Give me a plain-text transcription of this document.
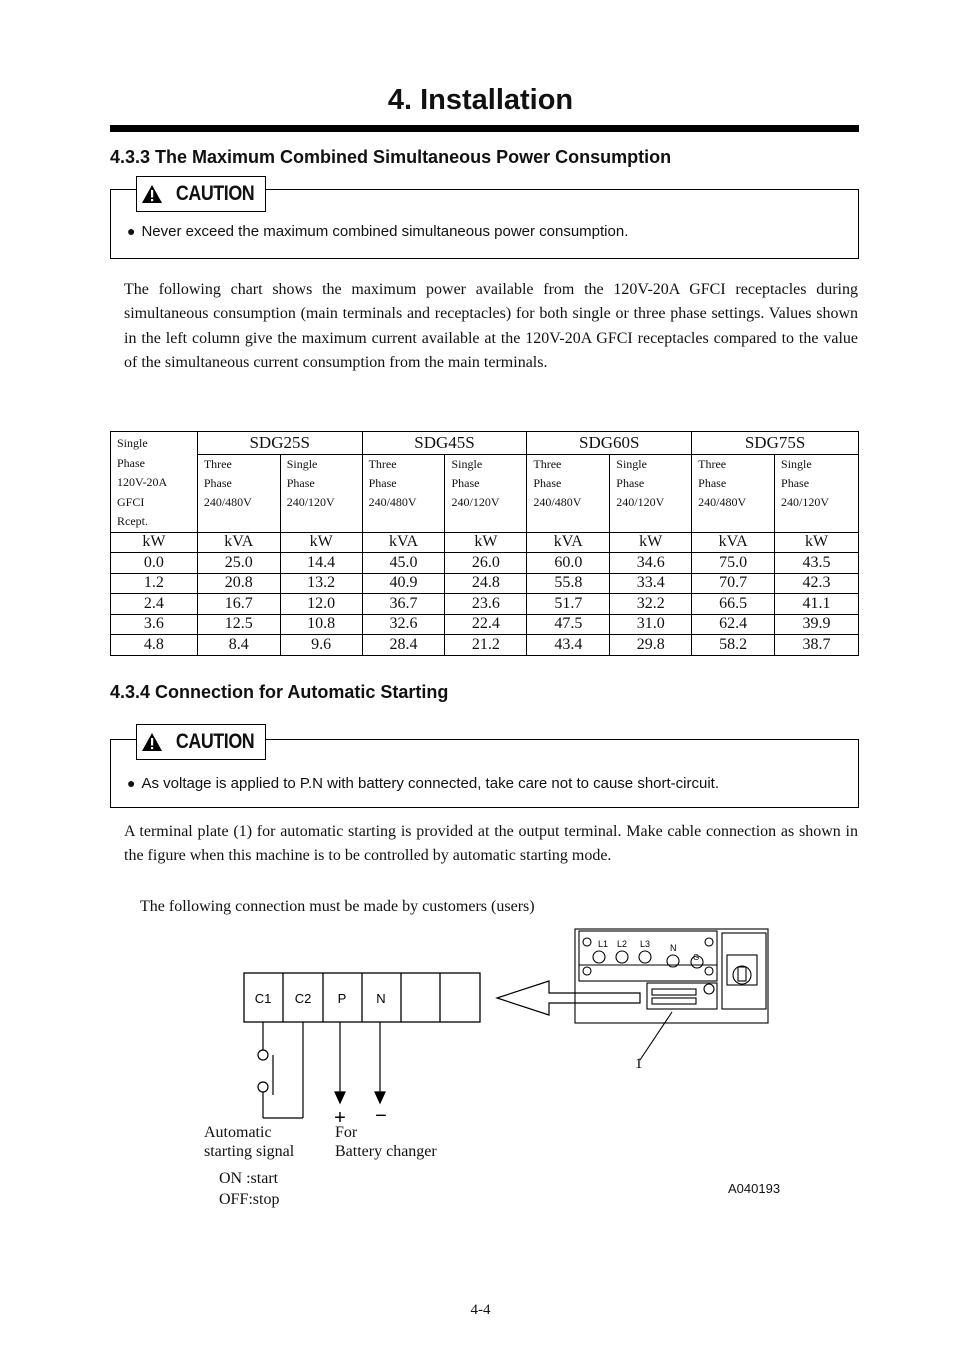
4. Installation
4.3.3 The Maximum Combined Simultaneous Power Consumption
CAUTION
● Never exceed the maximum combined simultaneous power consumption.
The following chart shows the maximum power available from the 120V-20A GFCI receptacles during simultaneous consumption (main terminals and receptacles) for both single or three phase settings. Values shown in the left column give the maximum current available at the 120V-20A GFCI receptacles compared to the value of the simultaneous current consumption from the main terminals.
Single
Phase
120V-20A
GFCI
Rcept.	SDG25S		SDG45S		SDG60S		SDG75S	
	Three
Phase
240/480V	Single
Phase
240/120V	Three
Phase
240/480V	Single
Phase
240/120V	Three
Phase
240/480V	Single
Phase
240/120V	Three
Phase
240/480V	Single
Phase
240/120V
kW	kVA	kW	kVA	kW	kVA	kW	kVA	kW
0.0	25.0	14.4	45.0	26.0	60.0	34.6	75.0	43.5
1.2	20.8	13.2	40.9	24.8	55.8	33.4	70.7	42.3
2.4	16.7	12.0	36.7	23.6	51.7	32.2	66.5	41.1
3.6	12.5	10.8	32.6	22.4	47.5	31.0	62.4	39.9
4.8	8.4	9.6	28.4	21.2	43.4	29.8	58.2	38.7
4.3.4 Connection for Automatic Starting
CAUTION
● As voltage is applied to P.N with battery connected, take care not to cause short-circuit.
A terminal plate (1) for automatic starting is provided at the output terminal. Make cable connection as shown in the figure when this machine is to be controlled by automatic starting mode.
The following connection must be made by customers (users)
C1 C2 P N
+ −
L1 L2 L3 N
G
1
Automatic
starting signal
For
Battery changer
ON :start
OFF:stop
A040193
4-4
